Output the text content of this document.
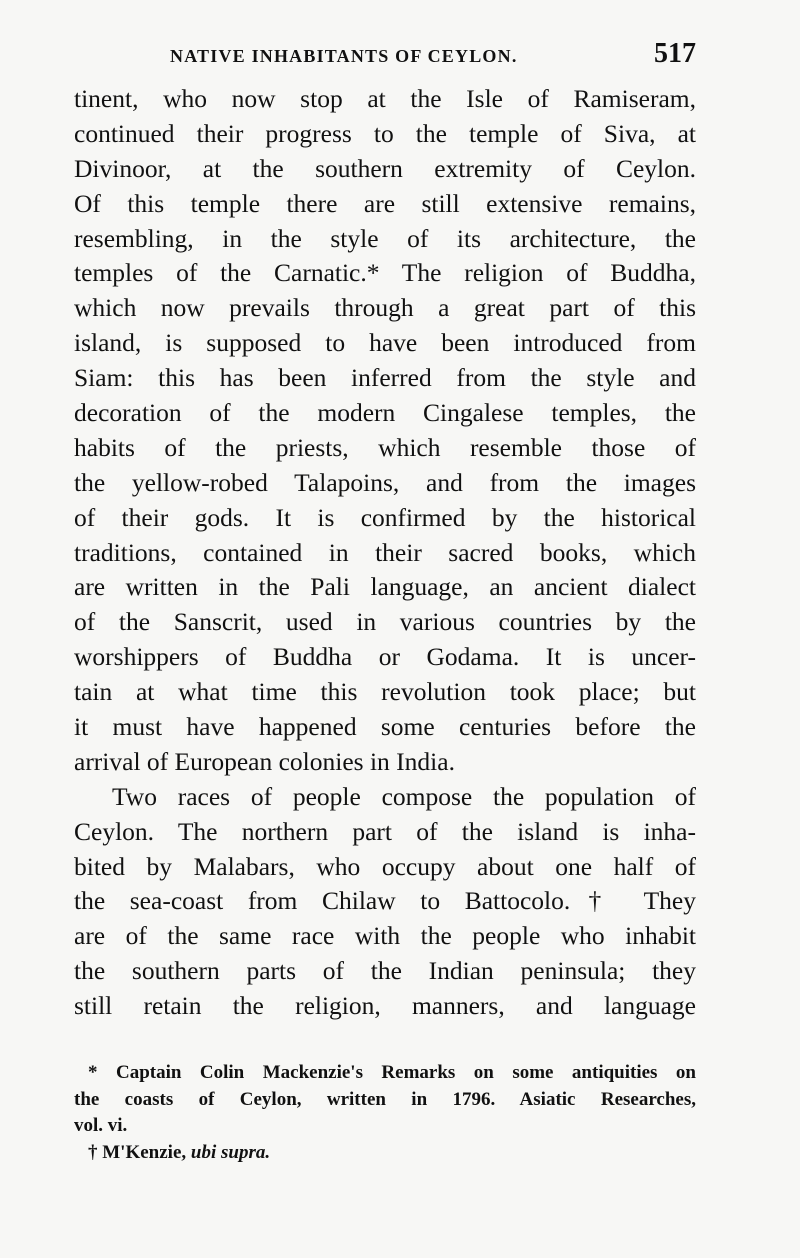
NATIVE INHABITANTS OF CEYLON.	517
tinent, who now stop at the Isle of Ramiseram,
continued their progress to the temple of Siva, at
Divinoor, at the southern extremity of Ceylon.
Of this temple there are still extensive remains,
resembling, in the style of its architecture, the
temples of the Carnatic.* The religion of Buddha,
which now prevails through a great part of this
island, is supposed to have been introduced from
Siam: this has been inferred from the style and
decoration of the modern Cingalese temples, the
habits of the priests, which resemble those of
the yellow-robed Talapoins, and from the images
of their gods. It is confirmed by the historical
traditions, contained in their sacred books, which
are written in the Pali language, an ancient dialect
of the Sanscrit, used in various countries by the
worshippers of Buddha or Godama. It is uncer-
tain at what time this revolution took place; but
it must have happened some centuries before the
arrival of European colonies in India.
Two races of people compose the population of
Ceylon. The northern part of the island is inha-
bited by Malabars, who occupy about one half of
the sea-coast from Chilaw to Battocolo.† They
are of the same race with the people who inhabit
the southern parts of the Indian peninsula; they
still retain the religion, manners, and language
* Captain Colin Mackenzie's Remarks on some antiquities on
the coasts of Ceylon, written in 1796. Asiatic Researches,
vol. vi.
† M'Kenzie, ubi supra.
